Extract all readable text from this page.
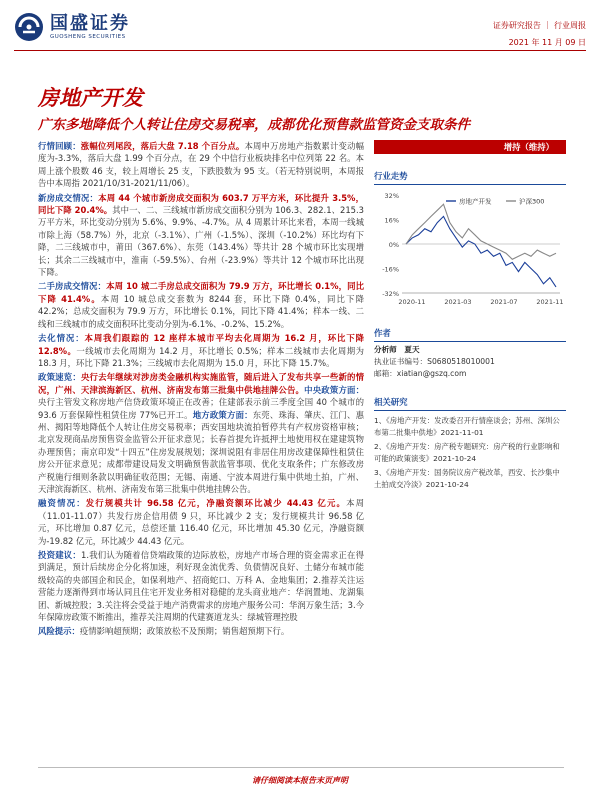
国盛证券
GUOSHENG SECURITIES
证券研究报告 ｜ 行业周报
2021 年 11 月 09 日
房地产开发
广东多地降低个人转让住房交易税率，成都优化预售款监管资金支取条件

行情回顾：涨幅位列尾段，落后大盘 7.18 个百分点。本周申万房地产指数累计变动幅度为-3.3%，落后大盘 1.99 个百分点，在 29 个中信行业板块排名中位列第 22 名。本周上涨个股数 46 支，较上周增长 25 支，下跌股数为 95 支。（若无特别说明，本周报告中本周指 2021/10/31-2021/11/06）。

新房成交情况：本周 44 个城市新房成交面积为 603.7 万平方米，环比提升 3.5%，同比下降 20.4%。其中一、二、三线城市新房成交面积分别为 106.3、282.1、215.3 万平方米，环比变动分别为 5.6%、9.9%、-4.7%。从 4 周累计环比来看，本周一线城市除上海（58.7%）外，北京（-3.1%）、广州（-1.5%）、深圳（-10.2%）环比均有下降，二三线城市中，莆田（367.6%）、东莞（143.4%）等共计 28 个城市环比实现增长；其余二三线城市中，淮南（-59.5%）、台州（-23.9%）等共计 12 个城市环比出现下降。

二手房成交情况：本周 10 城二手房总成交面积为 79.9 万方，环比增长 0.1%，同比下降 41.4%。本周 10 城总成交套数为 8244 套，环比下降 0.4%，同比下降 42.2%；总成交面积为 79.9 万方，环比增长 0.1%，同比下降 41.4%；样本一线、二线和三线城市的成交面积环比变动分别为-6.1%、-0.2%、15.2%。

去化情况：本周我们跟踪的 12 座样本城市平均去化周期为 16.2 月，环比下降 12.8%。一线城市去化周期为 14.2 月，环比增长 0.5%；样本二线城市去化周期为 18.3 月，环比下降 21.3%；三线城市去化周期为 15.0 月，环比下降 15.7%。

政策速览：央行去年继续对涉房类金融机构实施监管，随后进入了发布共享一些新的情况，广州、天津滨海新区、杭州、济南发布第三批集中供地挂牌公告。中央政策方面：央行主管发文称房地产信贷政策环境正在改善；住建部表示前三季度全国 40 个城市的 93.6 万套保障性租赁住房 77%已开工。地方政策方面：东莞、珠海、肇庆、江门、惠州、揭阳等地降低个人转让住房交易税率；西安国地块流拍暂停共有产权房资格审核；北京发现商品房预售资金监管公开征求意见；长春首提允许抵押土地使用权在建建筑物办理预售；南京印发“十四五”住房发展规划；深圳说阻有非居住用房改建保障性租赁住房公开征求意见；成都带建设局发文明确预售款监管事项、优化支取条件；广东修改房产税施行细则条款以明确征收范围；无锡、南通、宁波本周进行集中供地土拍，广州、天津滨海新区、杭州、济南发布第三批集中供地挂牌公告。

融资情况：发行规模共计 96.58 亿元，净融资额环比减少 44.43 亿元。本周（11.01-11.07）共发行房企信用债 9 只，环比减少 2 支；发行规模共计 96.58 亿元，环比增加 0.87 亿元，总偿还量 116.40 亿元，环比增加 45.30 亿元，净融资额为-19.82 亿元，环比减少 44.43 亿元。

投资建议：1.我们认为随着信贷端政策的边际放松，房地产市场合理的资金需求正在得到满足，预计后续房企分化将加速，利好现金流优秀、负债情况良好、土储分布城市能级较高的央部国企和民企，如保利地产、招商蛇口、万科 A、金地集团；2.推荐关注运营能力逐渐得到市场认同且住宅开发业务相对稳健的龙头商业地产：华润置地、龙湖集团、新城控股；3.关注将会受益于地产消费需求的房地产服务公司：华润万象生活；3.今年保障房政策不断推出，推荐关注周期的代建赛道龙头：绿城管理控股

风险提示：疫情影响超预期；政策放松不及预期；销售超预期下行。

增持（维持）
行业走势
32%
16%
0%
-16%
-32%
2020-11	2021-03	2021-07	2021-11
房地产开发	沪深300
作者
分析师　夏天
执业证书编号：S0680518010001
邮箱：xiatian@gszq.com
相关研究
1、《房地产开发：发改委召开行情座谈会；苏州、深圳公布第二批集中供地》2021-11-01
2、《房地产开发：房产税专题研究：房产税的行业影响和可能的政策演变》2021-10-24
3、《房地产开发：国务院议房产税改革，西安、长沙集中土拍成交冷淡》2021-10-24
请仔细阅读本报告末页声明
